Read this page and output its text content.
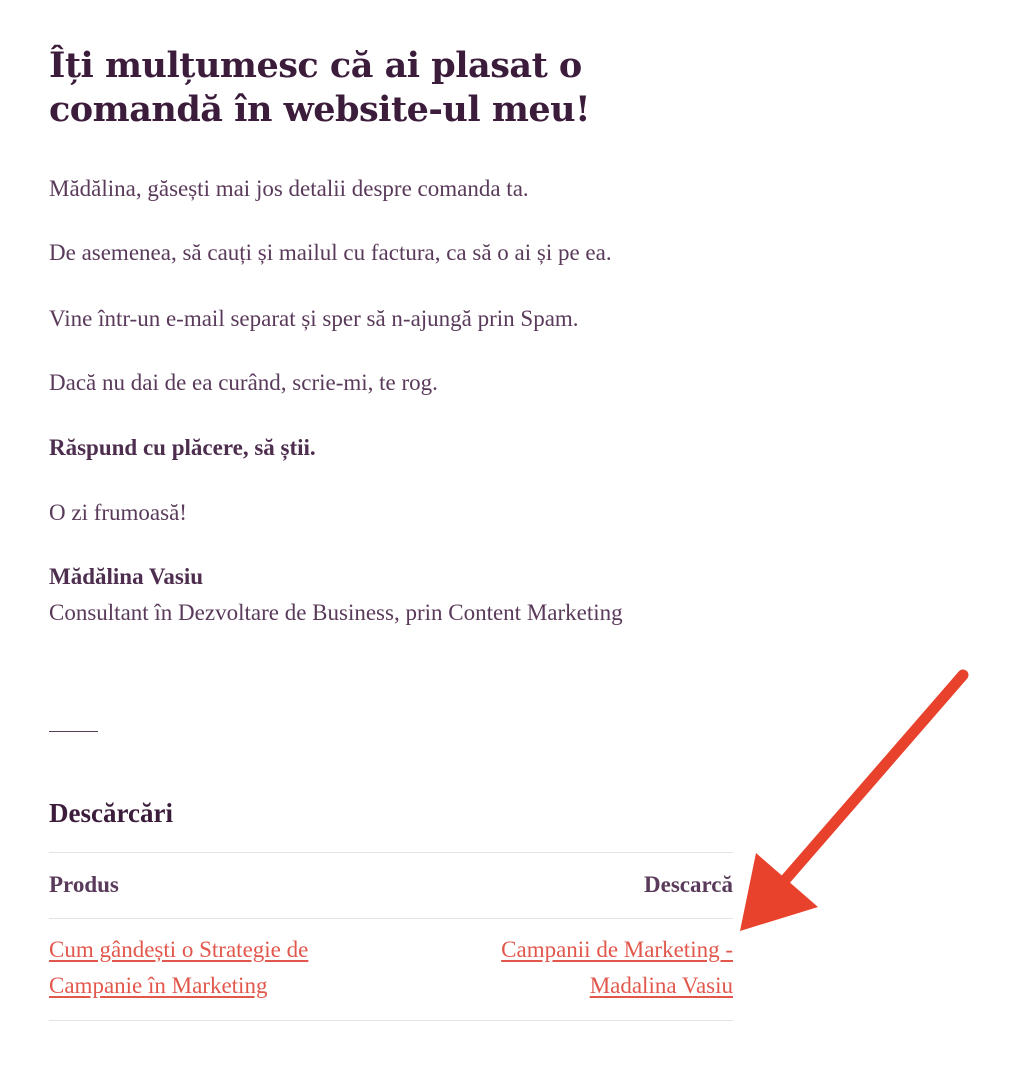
Îți mulțumesc că ai plasat o comandă în website-ul meu!

Mădălina, găsești mai jos detalii despre comanda ta.

De asemenea, să cauți și mailul cu factura, ca să o ai și pe ea.

Vine într-un e-mail separat și sper să n-ajungă prin Spam.

Dacă nu dai de ea curând, scrie-mi, te rog.

Răspund cu plăcere, să știi.

O zi frumoasă!

Mădălina Vasiu

Consultant în Dezvoltare de Business, prin Content Marketing

Descărcări
Produs	Descarcă
Cum gândești o Strategie de Campanie în Marketing
Campanii de Marketing - Madalina Vasiu
